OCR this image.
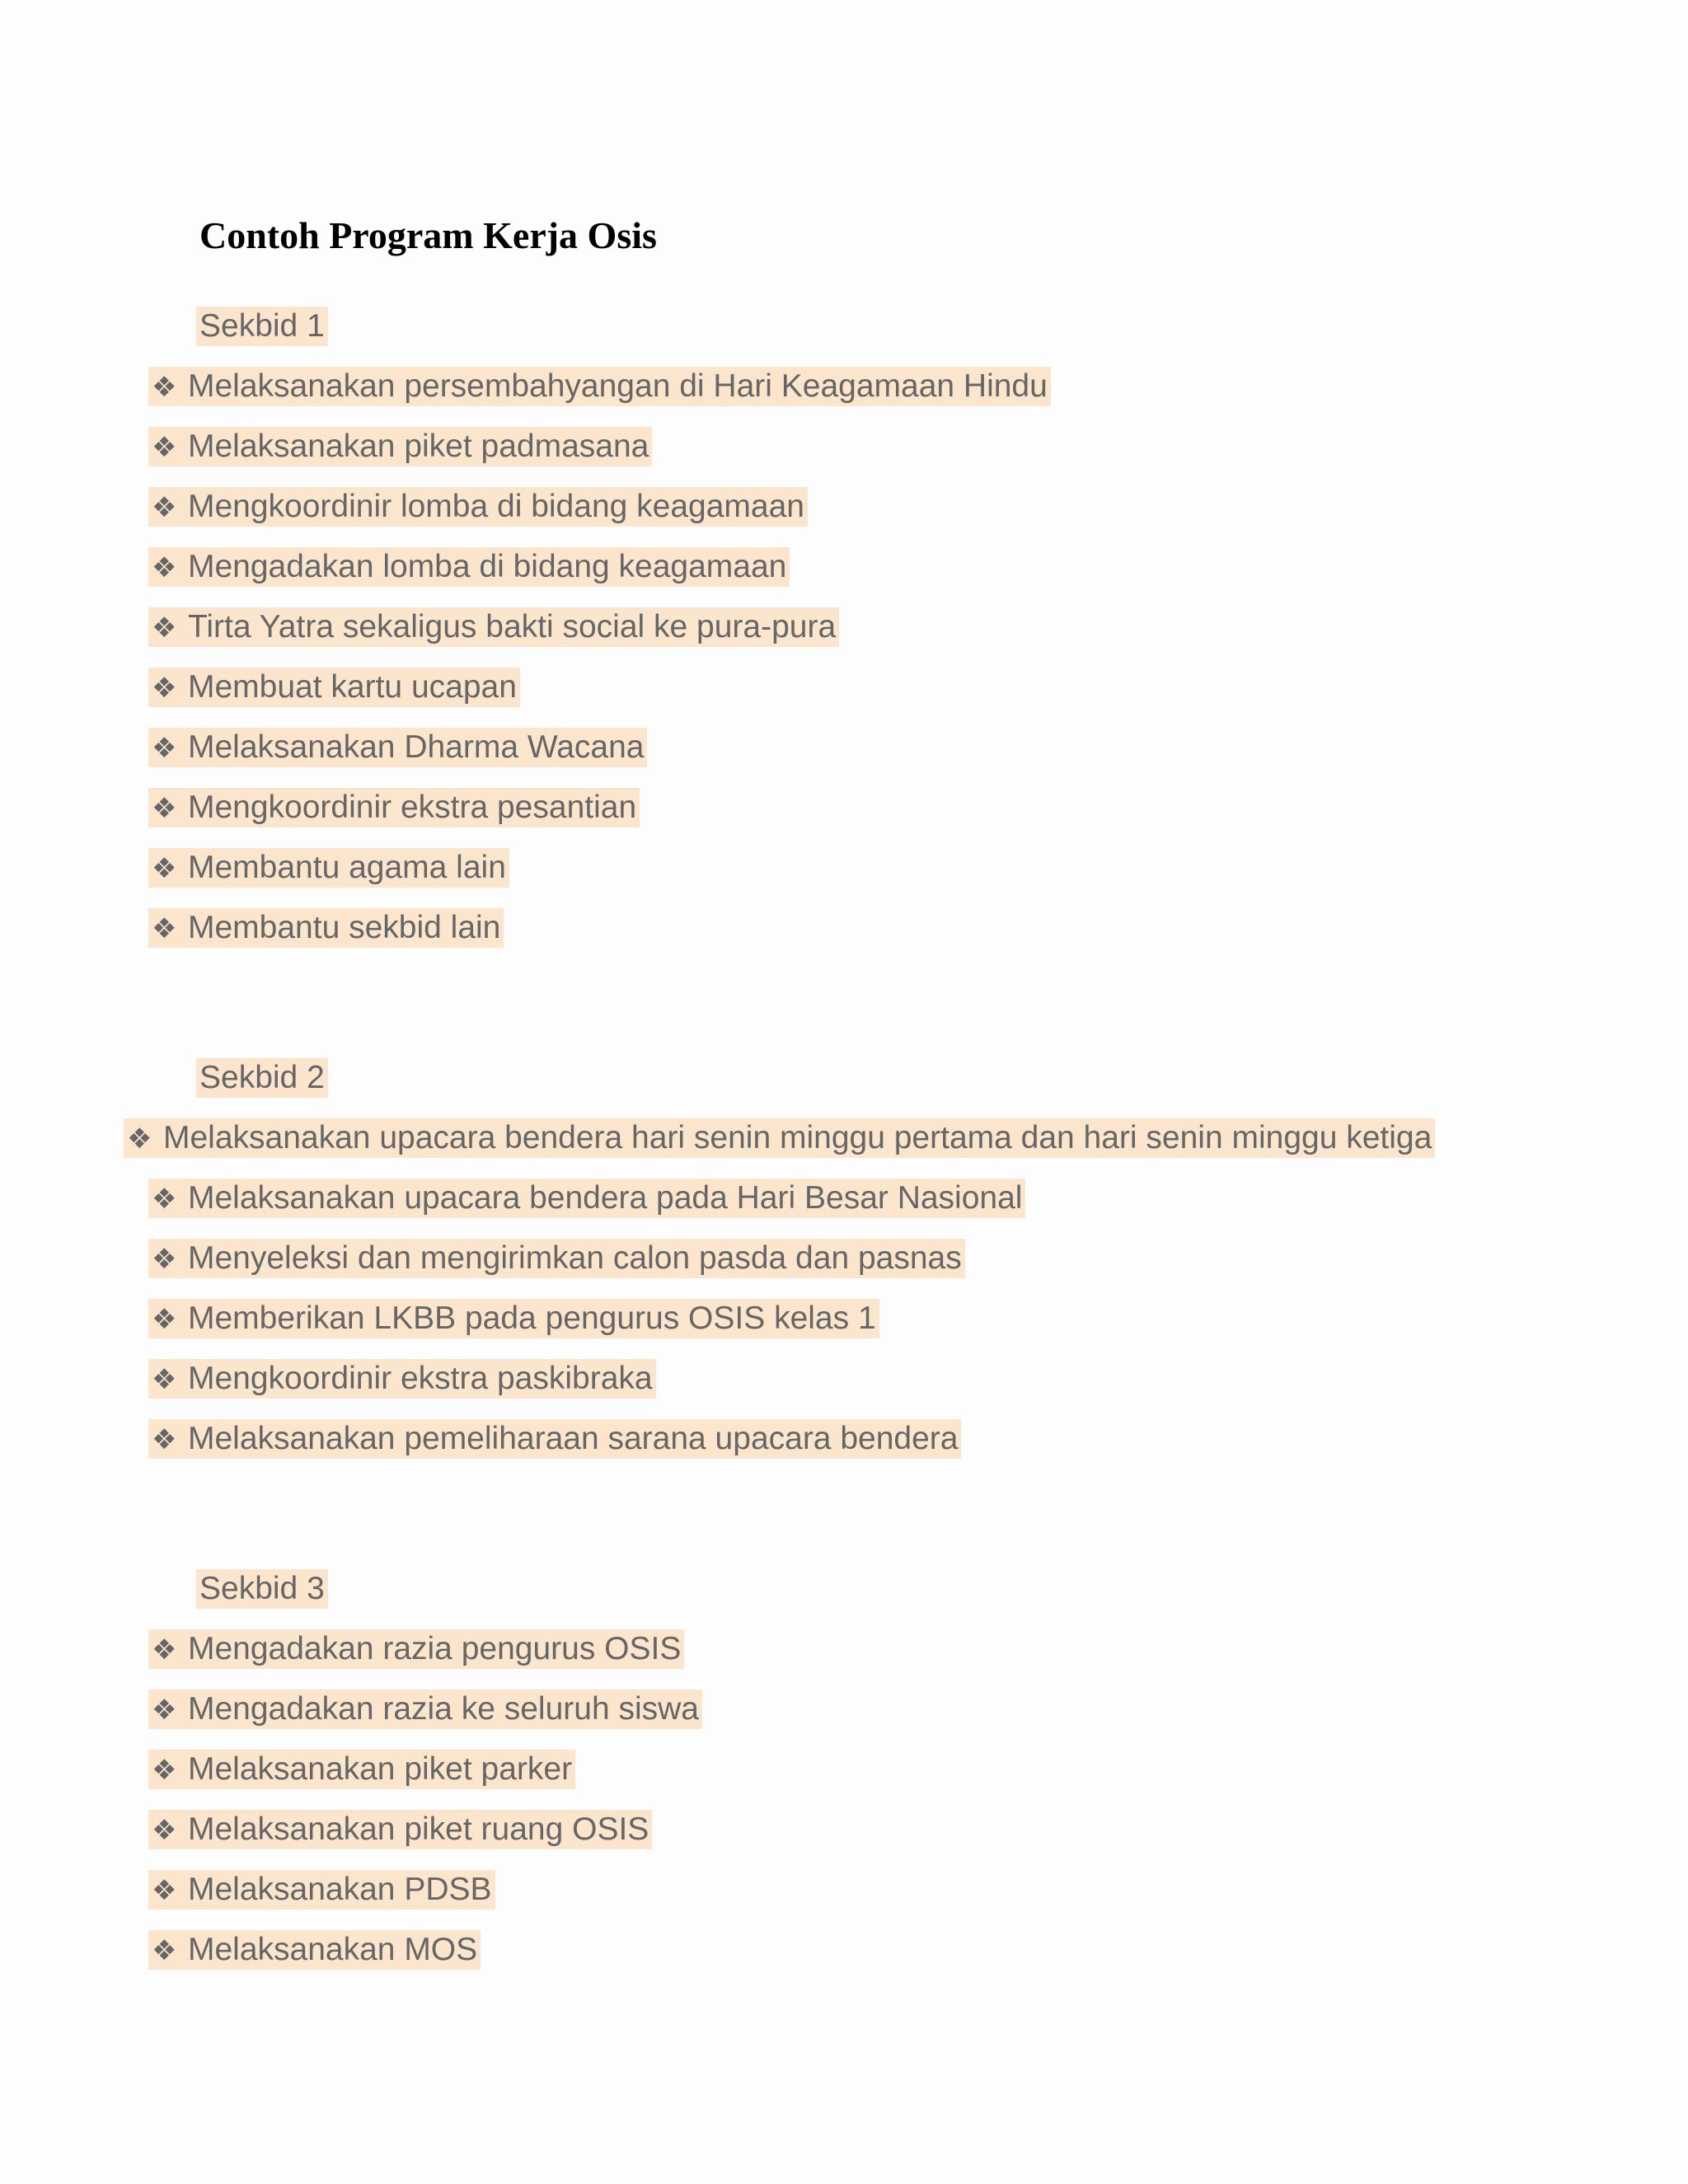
Contoh Program Kerja Osis
Sekbid 1
❖ Melaksanakan persembahyangan di Hari Keagamaan Hindu
❖ Melaksanakan piket padmasana
❖ Mengkoordinir lomba di bidang keagamaan
❖ Mengadakan lomba di bidang keagamaan
❖ Tirta Yatra sekaligus bakti social ke pura-pura
❖ Membuat kartu ucapan
❖ Melaksanakan Dharma Wacana
❖ Mengkoordinir ekstra pesantian
❖ Membantu agama lain
❖ Membantu sekbid lain
Sekbid 2
❖ Melaksanakan upacara bendera hari senin minggu pertama dan hari senin minggu ketiga
❖ Melaksanakan upacara bendera pada Hari Besar Nasional
❖ Menyeleksi dan mengirimkan calon pasda dan pasnas
❖ Memberikan LKBB pada pengurus OSIS kelas 1
❖ Mengkoordinir ekstra paskibraka
❖ Melaksanakan pemeliharaan sarana upacara bendera
Sekbid 3
❖ Mengadakan razia pengurus OSIS
❖ Mengadakan razia ke seluruh siswa
❖ Melaksanakan piket parker
❖ Melaksanakan piket ruang OSIS
❖ Melaksanakan PDSB
❖ Melaksanakan MOS
